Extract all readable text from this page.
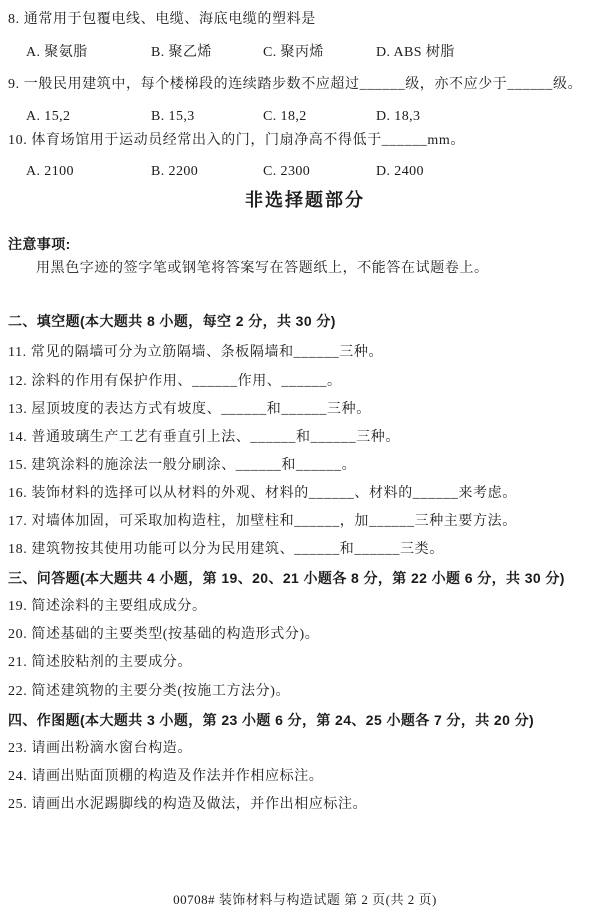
8. 通常用于包覆电线、电缆、海底电缆的塑料是
A. 聚氨脂	B. 聚乙烯	C. 聚丙烯	D. ABS 树脂
9. 一般民用建筑中，每个楼梯段的连续踏步数不应超过______级，亦不应少于______级。
A. 15,2	B. 15,3	C. 18,2	D. 18,3
10. 体育场馆用于运动员经常出入的门，门扇净高不得低于______mm。
A. 2100	B. 2200	C. 2300	D. 2400
非选择题部分
注意事项:
用黑色字迹的签字笔或钢笔将答案写在答题纸上，不能答在试题卷上。
二、填空题(本大题共 8 小题，每空 2 分，共 30 分)
11. 常见的隔墙可分为立筋隔墙、条板隔墙和______三种。
12. 涂料的作用有保护作用、______作用、______。
13. 屋顶坡度的表达方式有坡度、______和______三种。
14. 普通玻璃生产工艺有垂直引上法、______和______三种。
15. 建筑涂料的施涂法一般分刷涂、______和______。
16. 装饰材料的选择可以从材料的外观、材料的______、材料的______来考虑。
17. 对墙体加固，可采取加构造柱，加壁柱和______，加______三种主要方法。
18. 建筑物按其使用功能可以分为民用建筑、______和______三类。
三、问答题(本大题共 4 小题，第 19、20、21 小题各 8 分，第 22 小题 6 分，共 30 分)
19. 简述涂料的主要组成成分。
20. 简述基础的主要类型(按基础的构造形式分)。
21. 简述胶粘剂的主要成分。
22. 简述建筑物的主要分类(按施工方法分)。
四、作图题(本大题共 3 小题，第 23 小题 6 分，第 24、25 小题各 7 分，共 20 分)
23. 请画出粉滴水窗台构造。
24. 请画出贴面顶棚的构造及作法并作相应标注。
25. 请画出水泥踢脚线的构造及做法，并作出相应标注。
00708# 装饰材料与构造试题 第 2 页(共 2 页)
